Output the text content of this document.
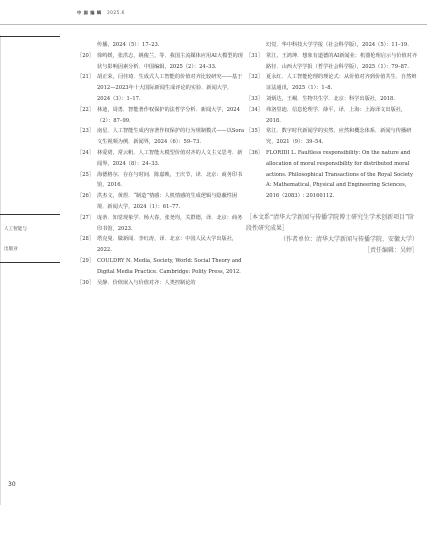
中 国 编 辑 2025.6
人工智能与
出版业
传播，2024（5）：17–23.
［20］ 徐鸣媛，张洪志，姚俊兰，等．我国主流媒体应用AI大模型的现状与影响因素分析．中国编辑，2025（2）：24–33.
［21］ 胡正荣，闫佳琦．生成式人工智能的价值对齐比较研究——基于2012—2023年十大国际新闻生成评论的实验．新闻大学，2024（3）：1–17.
［22］ 林迪，周勇．智能著作权保护的法哲学分析．新闻大学，2024（2）：87–99.
［23］ 南星．人工智能生成内容著作权保护的行为规制模式——以Sora文生视频为例．新闻界，2024（6）：59–73.
［24］ 林爱珺，常云帆．人工智能大模型价值对齐的人文主义思考．新闻界，2024（8）：24–33.
［25］ 海德格尔．存在与时间．陈嘉映，王庆节，译．北京：商务印书馆，2016.
［26］ 洪杰文，黄煜．“制造”情感：人机情感的生成逻辑与隐蔽性困境．新闻大学，2024（1）：61–77.
［27］ 庞蒂．知觉现象学．杨大春，张尧均，关群德，译．北京：商务印书馆，2023.
［28］ 塔克曼．做新闻．李红涛，译．北京：中国人民大学出版社，2022.
［29］ COULDRY N. Media, Society, World: Social Theory and Digital Media Practice. Cambridge: Polity Press, 2012.
［30］ 吴静．价值嵌入与价值对齐：人类控制论的
幻觉．华中科技大学学报（社会科学版），2024（5）：11–19.
［31］ 常江，王鸿坤．想象有道德的AI新闻业：机器伦理启示与价值对齐路径．山西大学学报（哲学社会科学版），2025（1）：79–87.
［32］ 夏永红．人工智能伦理的理论式：从价值对齐到价值共生．自然辩证法通讯，2025（1）：1–8.
［33］ 刘炳达，王峒．生物共生学．北京：科学出版社，2018.
［34］ 弗洛里迪．信息伦理学．薛平，译．上海：上海译文出版社，2018.
［35］ 常江．数字时代新闻学的实然、应然和概念体系．新闻与传播研究，2021（9）：39–54.
［36］ FLORIDI L. Faultless responsibility: On the nature and allocation of moral responsibility for distributed moral actions. Philosophical Transactions of the Royal Society A: Mathematical, Physical and Engineering Sciences, 2016（2083）: 20160112.
［本文系“清华大学新闻与传播学院博士研究生学术创新项目”阶段性研究成果］
（作者单位：清华大学新闻与传播学院、安徽大学）
［责任编辑：吴婷］
30
